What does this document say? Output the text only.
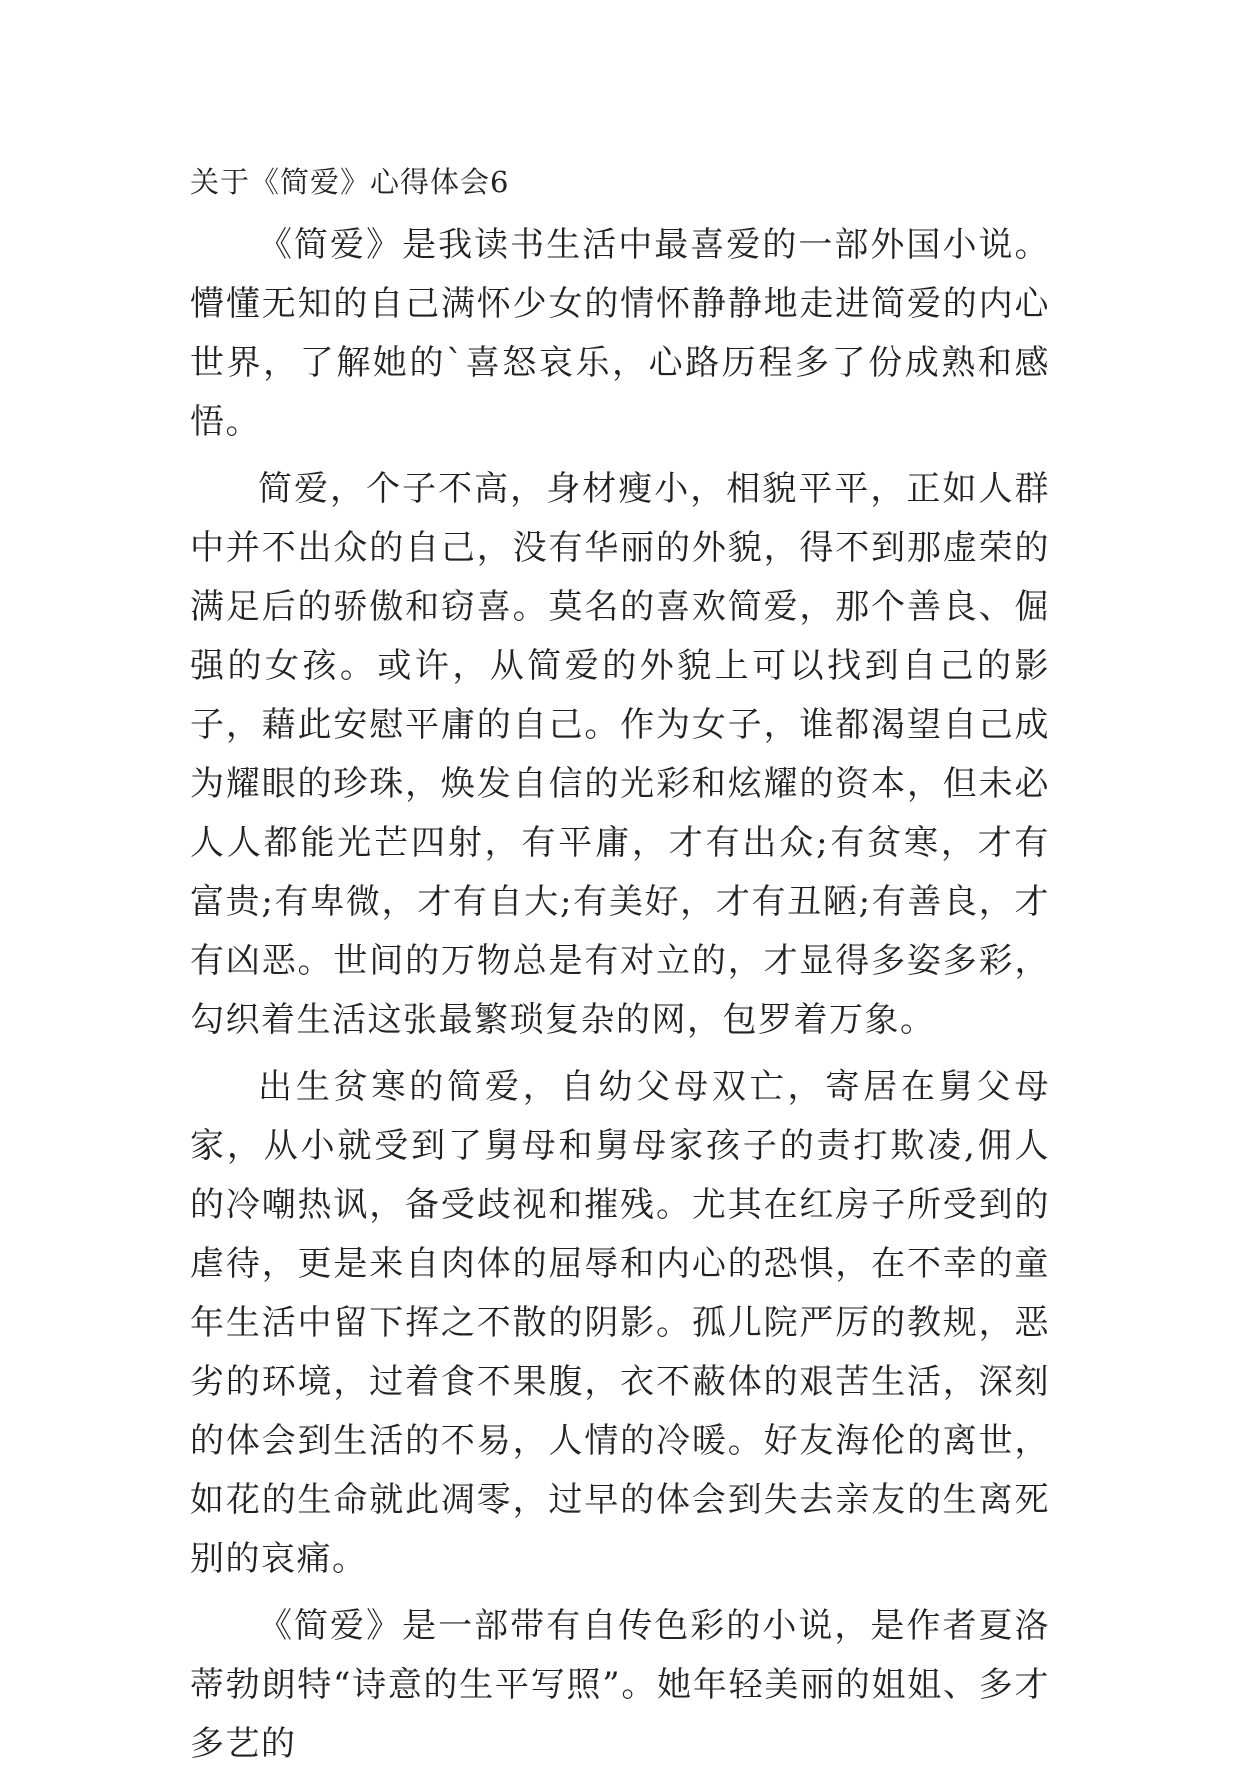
关于《简爱》心得体会6

《简爱》是我读书生活中最喜爱的一部外国小说。懵懂无知的自己满怀少女的情怀静静地走进简爱的内心世界，了解她的`喜怒哀乐，心路历程多了份成熟和感悟。

简爱，个子不高，身材瘦小，相貌平平，正如人群中并不出众的自己，没有华丽的外貌，得不到那虚荣的满足后的骄傲和窃喜。莫名的喜欢简爱，那个善良、倔强的女孩。或许，从简爱的外貌上可以找到自己的影子，藉此安慰平庸的自己。作为女子，谁都渴望自己成为耀眼的珍珠，焕发自信的光彩和炫耀的资本，但未必人人都能光芒四射，有平庸，才有出众;有贫寒，才有富贵;有卑微，才有自大;有美好，才有丑陋;有善良，才有凶恶。世间的万物总是有对立的，才显得多姿多彩，勾织着生活这张最繁琐复杂的网，包罗着万象。

出生贫寒的简爱，自幼父母双亡，寄居在舅父母家，从小就受到了舅母和舅母家孩子的责打欺凌,佣人的冷嘲热讽，备受歧视和摧残。尤其在红房子所受到的虐待，更是来自肉体的屈辱和内心的恐惧，在不幸的童年生活中留下挥之不散的阴影。孤儿院严厉的教规，恶劣的环境，过着食不果腹，衣不蔽体的艰苦生活，深刻的体会到生活的不易，人情的冷暖。好友海伦的离世，如花的生命就此凋零，过早的体会到失去亲友的生离死别的哀痛。

《简爱》是一部带有自传色彩的小说，是作者夏洛蒂勃朗特“诗意的生平写照”。她年轻美丽的姐姐、多才多艺的
